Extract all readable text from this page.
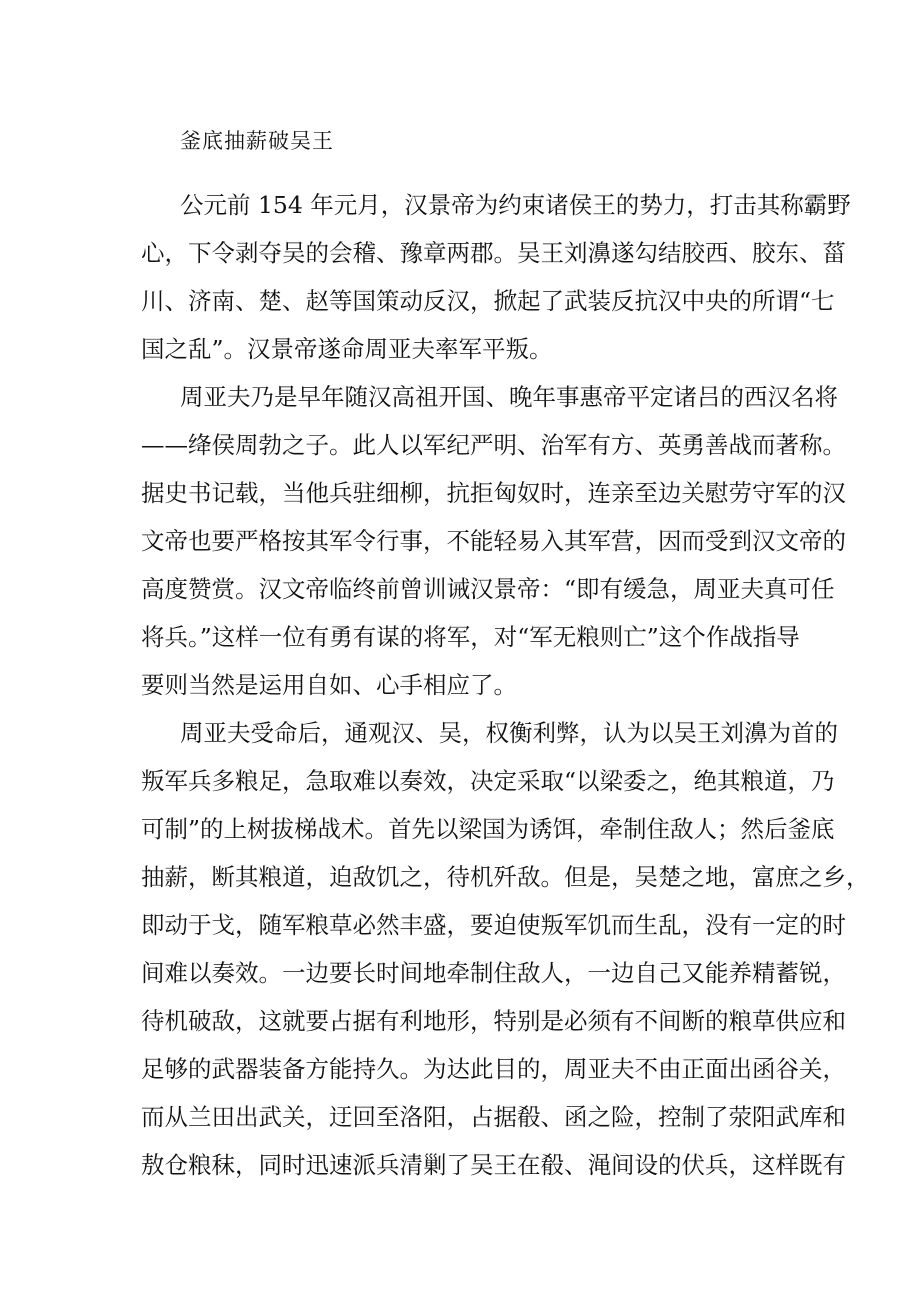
釜底抽薪破吴王
公元前 154 年元月，汉景帝为约束诸侯王的势力，打击其称霸野
心，下令剥夺吴的会稽、豫章两郡。吴王刘濞遂勾结胶西、胶东、菑
川、济南、楚、赵等国策动反汉，掀起了武装反抗汉中央的所谓“七
国之乱”。汉景帝遂命周亚夫率军平叛。
周亚夫乃是早年随汉高祖开国、晚年事惠帝平定诸吕的西汉名将
——绛侯周勃之子。此人以军纪严明、治军有方、英勇善战而著称。
据史书记载，当他兵驻细柳，抗拒匈奴时，连亲至边关慰劳守军的汉
文帝也要严格按其军令行事，不能轻易入其军营，因而受到汉文帝的
高度赞赏。汉文帝临终前曾训诫汉景帝：“即有缓急，周亚夫真可任
将兵。”这样一位有勇有谋的将军，对“军无粮则亡”这个作战指导
要则当然是运用自如、心手相应了。
周亚夫受命后，通观汉、吴，权衡利弊，认为以吴王刘濞为首的
叛军兵多粮足，急取难以奏效，决定采取“以梁委之，绝其粮道，乃
可制”的上树拔梯战术。首先以梁国为诱饵，牵制住敌人；然后釜底
抽薪，断其粮道，迫敌饥之，待机歼敌。但是，吴楚之地，富庶之乡，
即动于戈，随军粮草必然丰盛，要迫使叛军饥而生乱，没有一定的时
间难以奏效。一边要长时间地牵制住敌人，一边自己又能养精蓄锐，
待机破敌，这就要占据有利地形，特别是必须有不间断的粮草供应和
足够的武器装备方能持久。为达此目的，周亚夫不由正面出函谷关，
而从兰田出武关，迂回至洛阳，占据殽、函之险，控制了荥阳武库和
敖仓粮秣，同时迅速派兵清剿了吴王在殽、渑间设的伏兵，这样既有
